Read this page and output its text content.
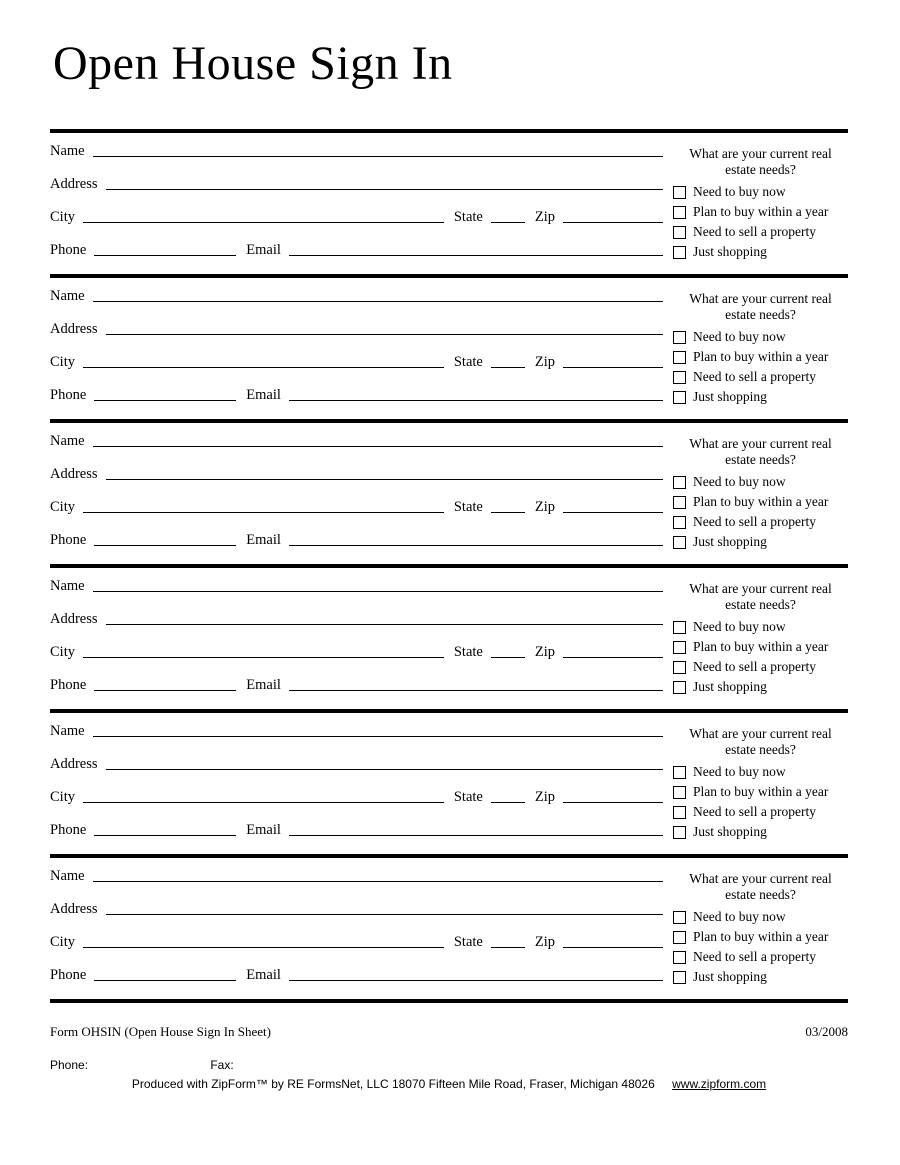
Open House Sign In
Name
Address
City	State	Zip
Phone	Email
What are your current real
estate needs?
Need to buy now
Plan to buy within a year
Need to sell a property
Just shopping
Name
Address
City	State	Zip
Phone	Email
What are your current real
estate needs?
Need to buy now
Plan to buy within a year
Need to sell a property
Just shopping
Name
Address
City	State	Zip
Phone	Email
What are your current real
estate needs?
Need to buy now
Plan to buy within a year
Need to sell a property
Just shopping
Name
Address
City	State	Zip
Phone	Email
What are your current real
estate needs?
Need to buy now
Plan to buy within a year
Need to sell a property
Just shopping
Name
Address
City	State	Zip
Phone	Email
What are your current real
estate needs?
Need to buy now
Plan to buy within a year
Need to sell a property
Just shopping
Name
Address
City	State	Zip
Phone	Email
What are your current real
estate needs?
Need to buy now
Plan to buy within a year
Need to sell a property
Just shopping
Form OHSIN (Open House Sign In Sheet)	03/2008
Phone:	Fax:
Produced with ZipForm™ by RE FormsNet, LLC 18070 Fifteen Mile Road, Fraser, Michigan 48026 www.zipform.com
